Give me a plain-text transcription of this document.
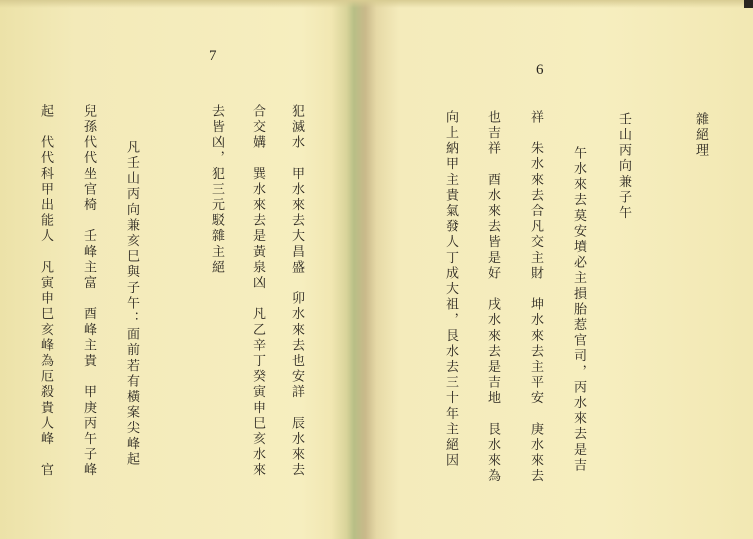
7
犯滅水　甲水來去大昌盛　卯水來去也安詳　辰水來去
合交媾　巽水來去是黃泉凶　凡乙辛丁癸寅申巳亥水來
去皆凶，犯三元駁雜主絕
凡壬山丙向兼亥巳與子午：面前若有橫案尖峰起
兒孫代代坐官椅　壬峰主富　酉峰主貴　甲庚丙午子峰
起　代代科甲出能人　凡寅申巳亥峰為厄殺貴人峰　官
6
雜絕理
壬山丙向兼子午
午水來去莫安墳必主損胎惹官司，丙水來去是吉
祥　朱水來去合凡交主財　坤水來去主平安　庚水來去
也吉祥　酉水來去皆是好　戌水來去是吉地　艮水來為
向上納甲主貴氣發人丁成大祖，艮水去三十年主絕因
